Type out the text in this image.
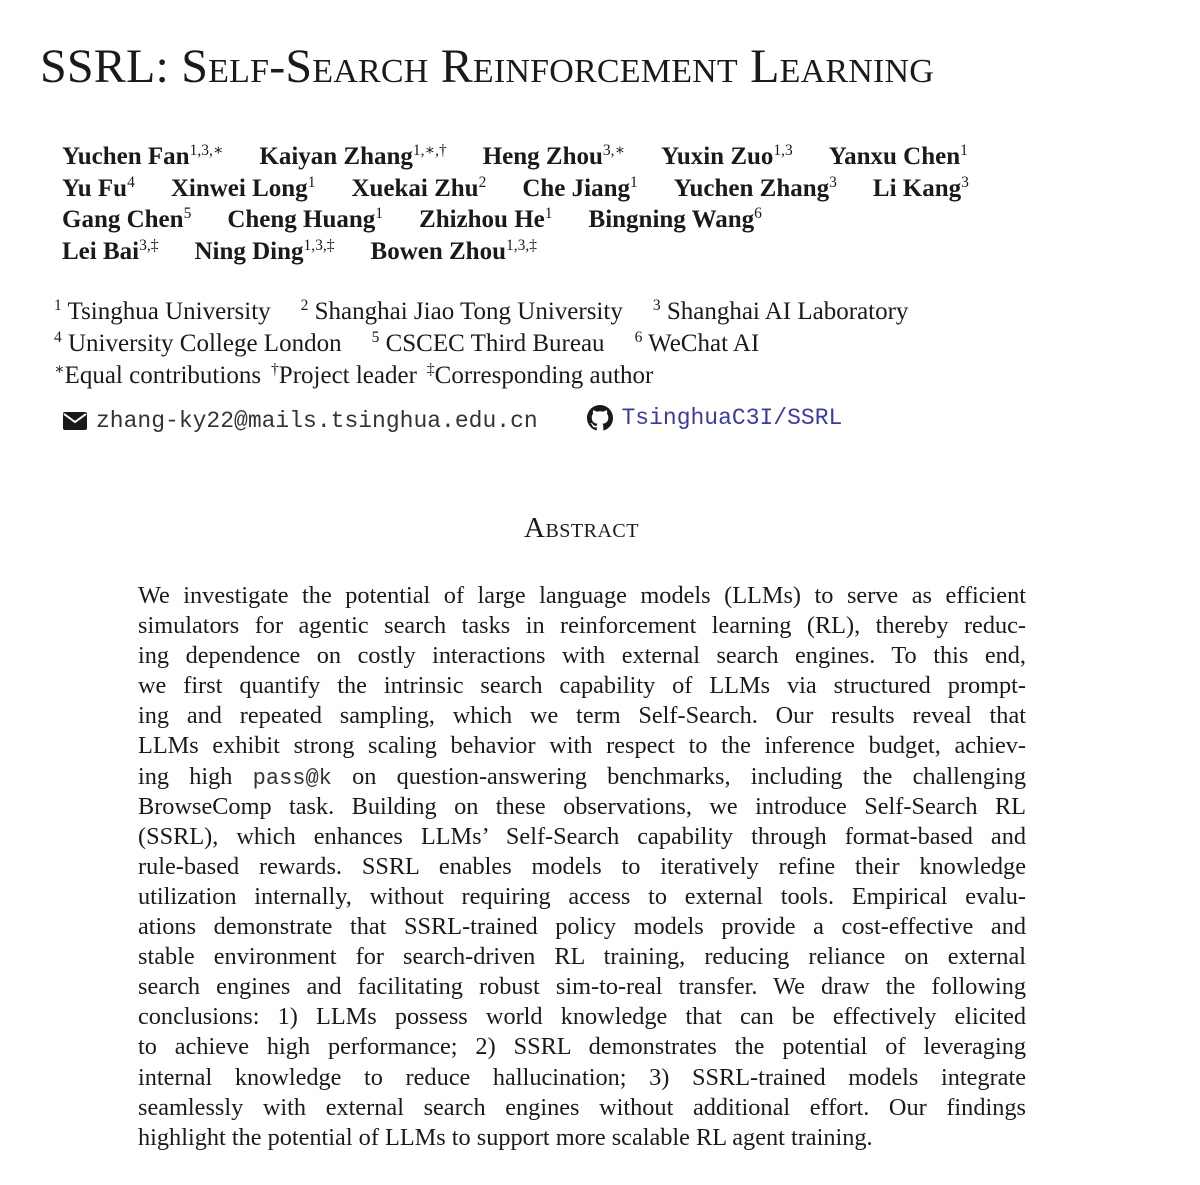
SSRL: Self-Search Reinforcement Learning
Yuchen Fan$^{1,3,∗}$ Kaiyan Zhang$^{1,∗,\dagger}$ Heng Zhou$^{3,∗}$ Yuxin Zuo$^{1,3}$ Yanxu Chen$^1$
Yu Fu$^4$ Xinwei Long$^1$ Xuekai Zhu$^2$ Che Jiang$^1$ Yuchen Zhang$^3$ Li Kang$^3$
Gang Chen$^5$ Cheng Huang$^1$ Zhizhou He$^1$ Bingning Wang$^6$
Lei Bai$^{3,\ddagger}$ Ning Ding$^{1,3,\ddagger}$ Bowen Zhou$^{1,3,\ddagger}$
$^1$ Tsinghua University $^2$ Shanghai Jiao Tong University $^3$ Shanghai AI Laboratory
$^4$ University College London $^5$ CSCEC Third Bureau $^6$ WeChat AI
∗Equal contributions †Project leader ‡Corresponding author
zhang-ky22@mails.tsinghua.edu.cn
	TsinghuaC3I/SSRL
Abstract
We investigate the potential of large language models (LLMs) to serve as efficient
simulators for agentic search tasks in reinforcement learning (RL), thereby reduc-
ing dependence on costly interactions with external search engines. To this end,
we first quantify the intrinsic search capability of LLMs via structured prompt-
ing and repeated sampling, which we term Self-Search. Our results reveal that
LLMs exhibit strong scaling behavior with respect to the inference budget, achiev-
ing high pass@k on question-answering benchmarks, including the challenging
BrowseComp task. Building on these observations, we introduce Self-Search RL
(SSRL), which enhances LLMs’ Self-Search capability through format-based and
rule-based rewards. SSRL enables models to iteratively refine their knowledge
utilization internally, without requiring access to external tools. Empirical evalu-
ations demonstrate that SSRL-trained policy models provide a cost-effective and
stable environment for search-driven RL training, reducing reliance on external
search engines and facilitating robust sim-to-real transfer. We draw the following
conclusions: 1) LLMs possess world knowledge that can be effectively elicited
to achieve high performance; 2) SSRL demonstrates the potential of leveraging
internal knowledge to reduce hallucination; 3) SSRL-trained models integrate
seamlessly with external search engines without additional effort. Our findings
highlight the potential of LLMs to support more scalable RL agent training.
